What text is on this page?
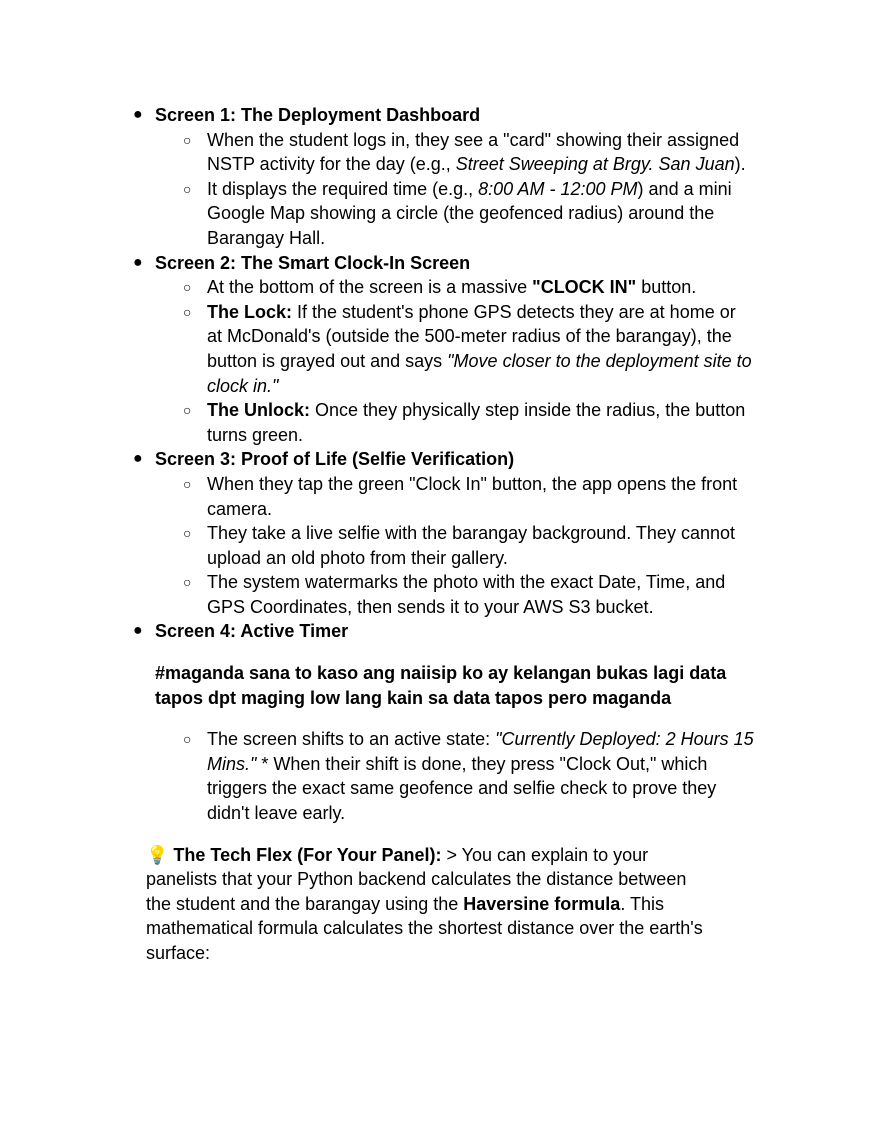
● Screen 1: The Deployment Dashboard
○ When the student logs in, they see a "card" showing their assigned
NSTP activity for the day (e.g., Street Sweeping at Brgy. San Juan).
○ It displays the required time (e.g., 8:00 AM - 12:00 PM) and a mini
Google Map showing a circle (the geofenced radius) around the
Barangay Hall.
● Screen 2: The Smart Clock-In Screen
○ At the bottom of the screen is a massive "CLOCK IN" button.
○ The Lock: If the student's phone GPS detects they are at home or
at McDonald's (outside the 500-meter radius of the barangay), the
button is grayed out and says "Move closer to the deployment site to
clock in."
○ The Unlock: Once they physically step inside the radius, the button
turns green.
● Screen 3: Proof of Life (Selfie Verification)
○ When they tap the green "Clock In" button, the app opens the front
camera.
○ They take a live selfie with the barangay background. They cannot
upload an old photo from their gallery.
○ The system watermarks the photo with the exact Date, Time, and
GPS Coordinates, then sends it to your AWS S3 bucket.
● Screen 4: Active Timer
#maganda sana to kaso ang naiisip ko ay kelangan bukas lagi data
tapos dpt maging low lang kain sa data tapos pero maganda
○ The screen shifts to an active state: "Currently Deployed: 2 Hours 15
Mins." * When their shift is done, they press "Clock Out," which
triggers the exact same geofence and selfie check to prove they
didn't leave early.
💡 The Tech Flex (For Your Panel): > You can explain to your
panelists that your Python backend calculates the distance between
the student and the barangay using the Haversine formula. This
mathematical formula calculates the shortest distance over the earth's
surface:
